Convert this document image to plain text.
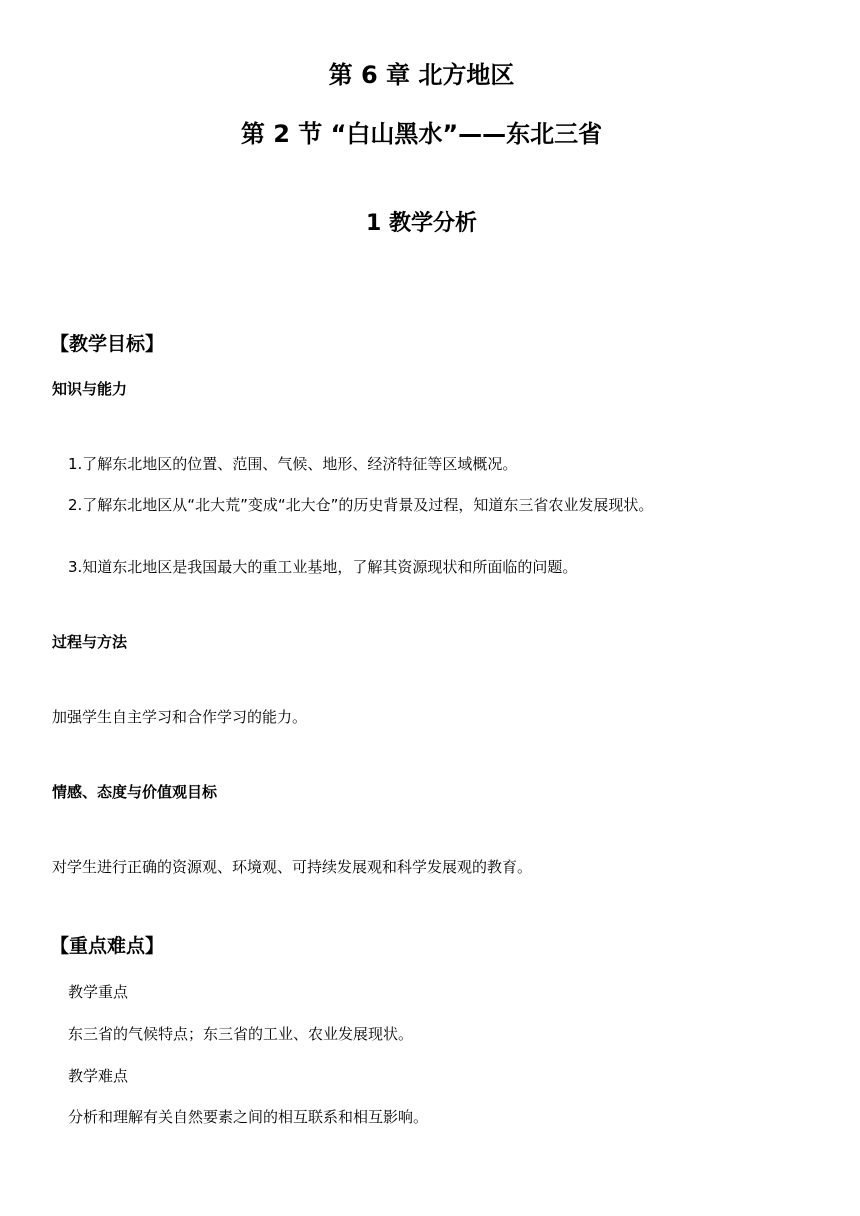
第 6 章 北方地区
第 2 节 “白山黑水”——东北三省
1 教学分析
【教学目标】
知识与能力
1.了解东北地区的位置、范围、气候、地形、经济特征等区域概况。
2.了解东北地区从“北大荒”变成“北大仓”的历史背景及过程，知道东三省农业发展现状。
3.知道东北地区是我国最大的重工业基地，了解其资源现状和所面临的问题。
过程与方法
加强学生自主学习和合作学习的能力。
情感、态度与价值观目标
对学生进行正确的资源观、环境观、可持续发展观和科学发展观的教育。
【重点难点】
教学重点
东三省的气候特点；东三省的工业、农业发展现状。
教学难点
分析和理解有关自然要素之间的相互联系和相互影响。
